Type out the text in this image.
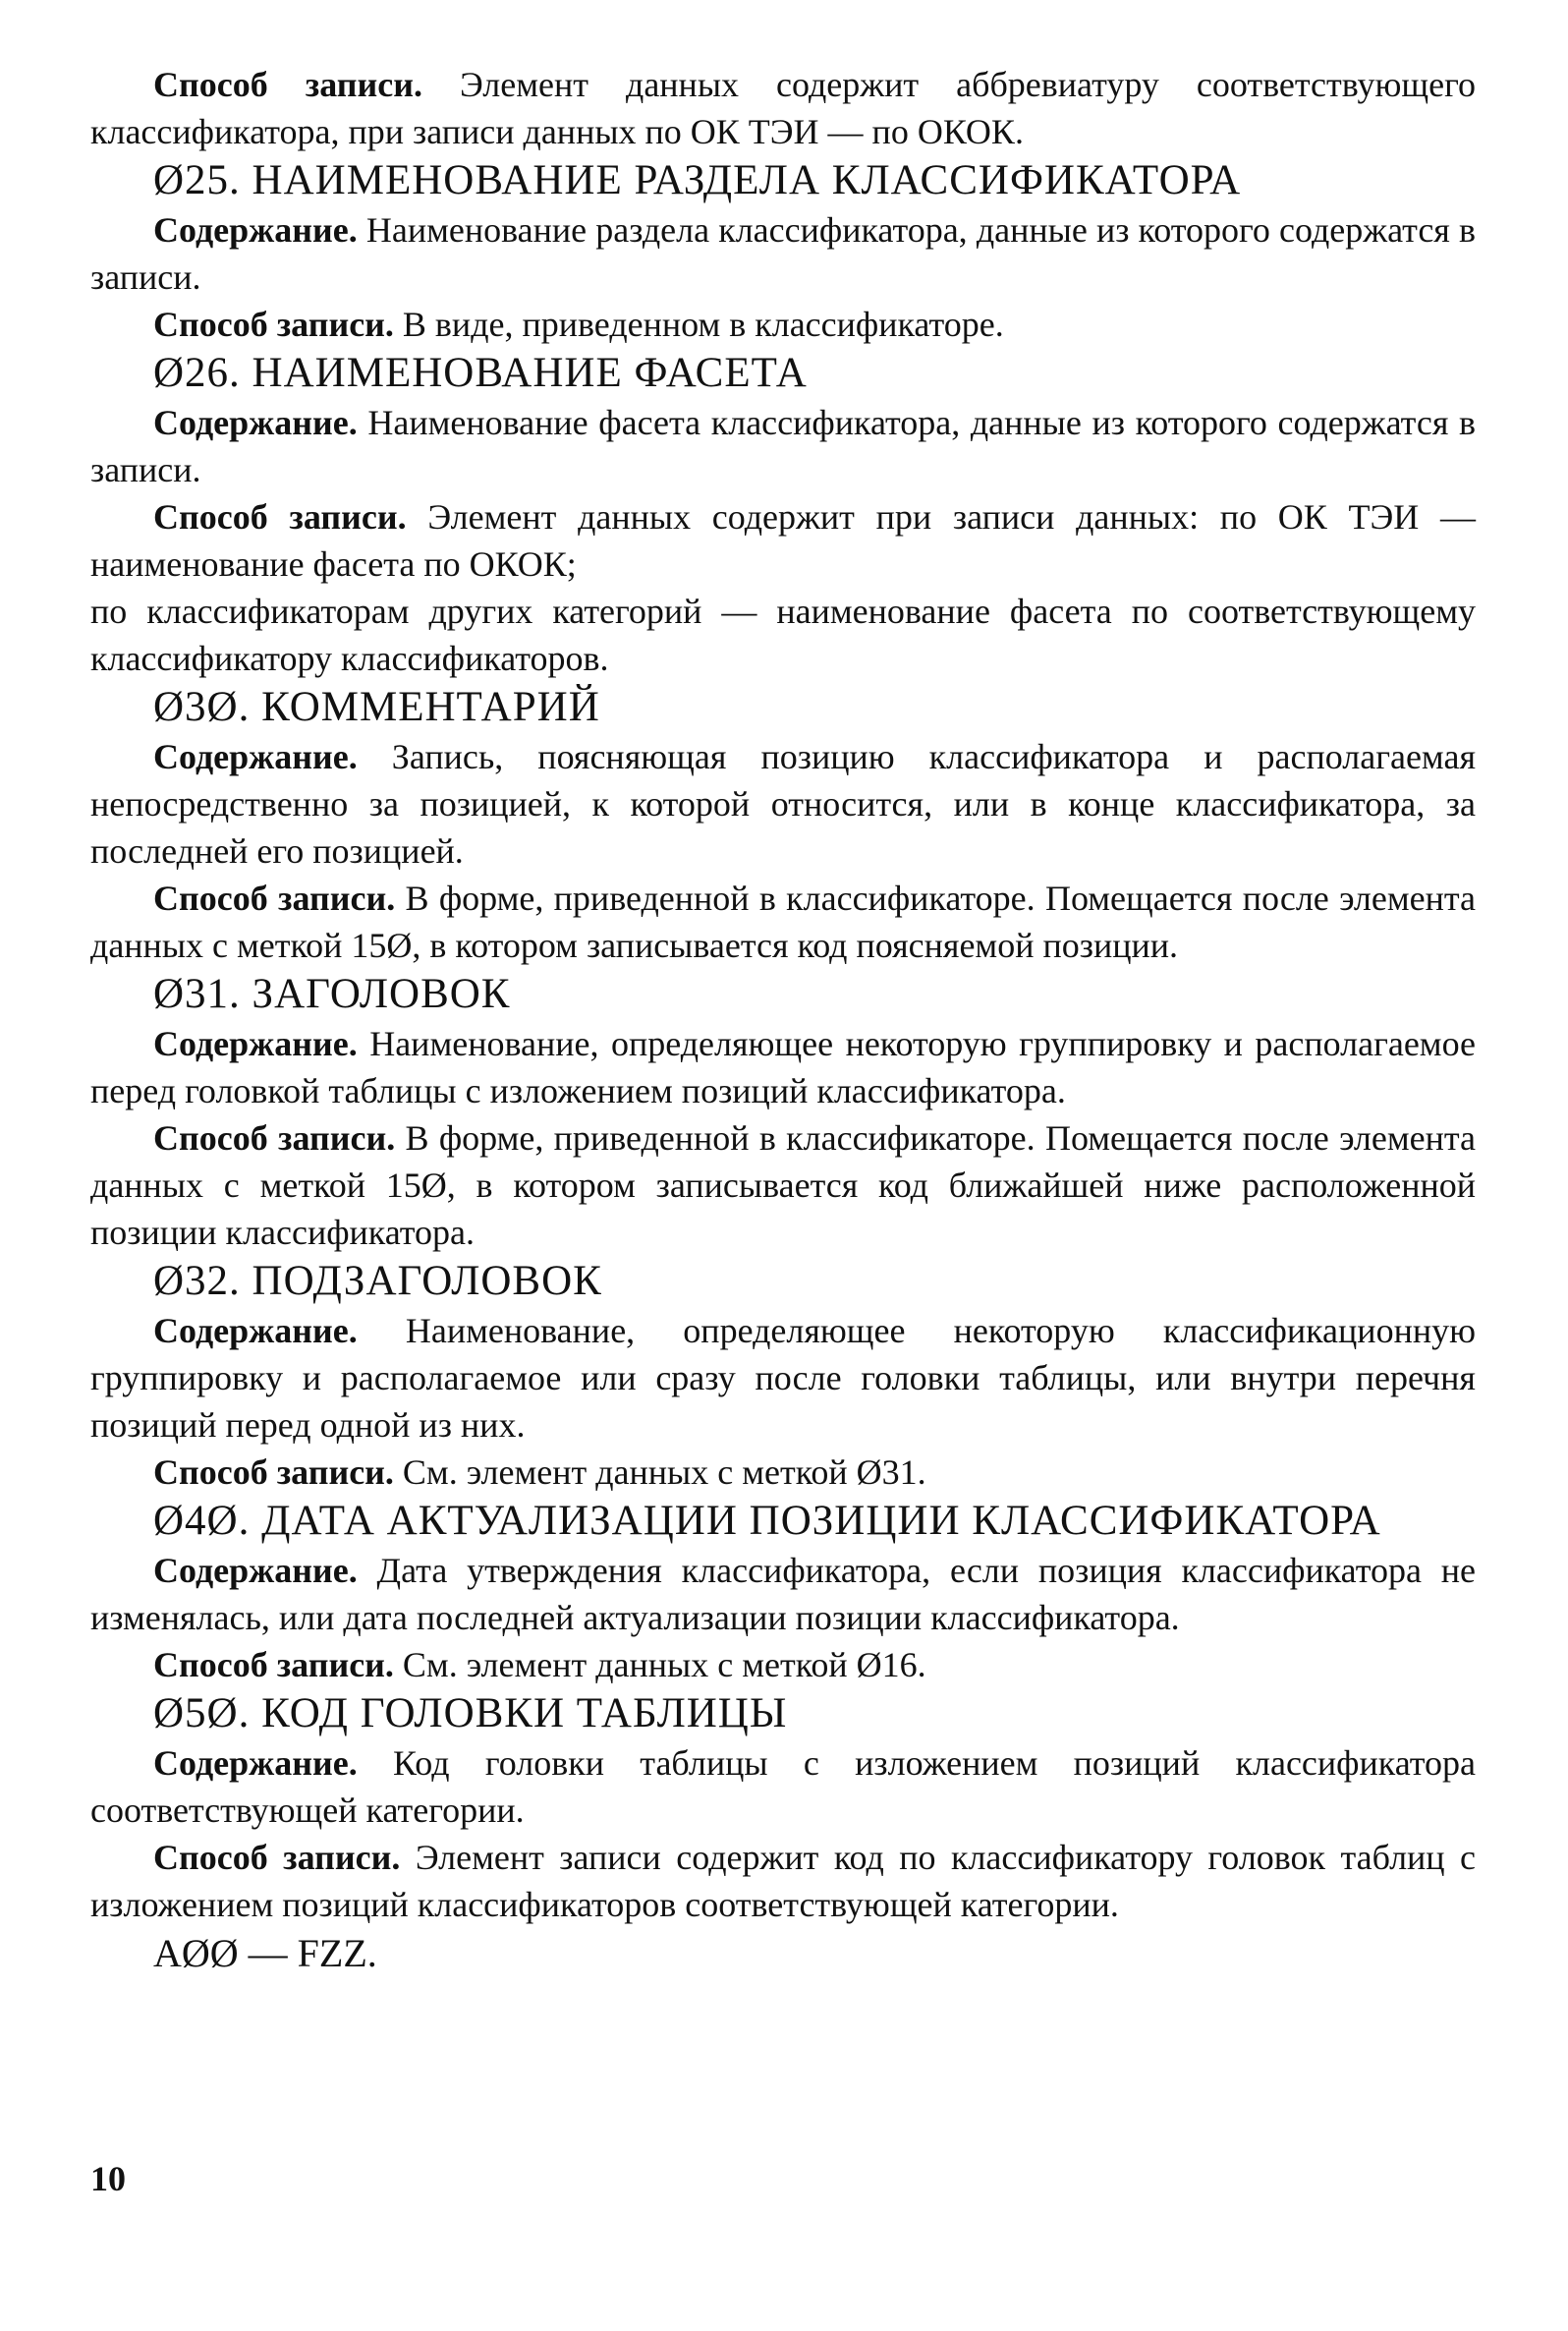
Способ записи. Элемент данных содержит аббревиатуру соответствующего классификатора, при записи данных по ОК ТЭИ — по ОКОК.

Ø25. НАИМЕНОВАНИЕ РАЗДЕЛА КЛАССИФИКАТОРА

Содержание. Наименование раздела классификатора, данные из которого содержатся в записи.

Способ записи. В виде, приведенном в классификаторе.

Ø26. НАИМЕНОВАНИЕ ФАСЕТА

Содержание. Наименование фасета классификатора, данные из которого содержатся в записи.

Способ записи. Элемент данных содержит при записи данных: по ОК ТЭИ — наименование фасета по ОКОК;

по классификаторам других категорий — наименование фасета по соответствующему классификатору классификаторов.

Ø3Ø. КОММЕНТАРИЙ

Содержание. Запись, поясняющая позицию классификатора и располагаемая непосредственно за позицией, к которой относится, или в конце классификатора, за последней его позицией.

Способ записи. В форме, приведенной в классификаторе. Помещается после элемента данных с меткой 15Ø, в котором записывается код поясняемой позиции.

Ø31. ЗАГОЛОВОК

Содержание. Наименование, определяющее некоторую группировку и располагаемое перед головкой таблицы с изложением позиций классификатора.

Способ записи. В форме, приведенной в классификаторе. Помещается после элемента данных с меткой 15Ø, в котором записывается код ближайшей ниже расположенной позиции классификатора.

Ø32. ПОДЗАГОЛОВОК

Содержание. Наименование, определяющее некоторую классификационную группировку и располагаемое или сразу после головки таблицы, или внутри перечня позиций перед одной из них.

Способ записи. См. элемент данных с меткой Ø31.

Ø4Ø. ДАТА АКТУАЛИЗАЦИИ ПОЗИЦИИ КЛАССИФИКАТОРА

Содержание. Дата утверждения классификатора, если позиция классификатора не изменялась, или дата последней актуализации позиции классификатора.

Способ записи. См. элемент данных с меткой Ø16.

Ø5Ø. КОД ГОЛОВКИ ТАБЛИЦЫ

Содержание. Код головки таблицы с изложением позиций классификатора соответствующей категории.

Способ записи. Элемент записи содержит код по классификатору головок таблиц с изложением позиций классификаторов соответствующей категории.

AØØ — FZZ.

10
